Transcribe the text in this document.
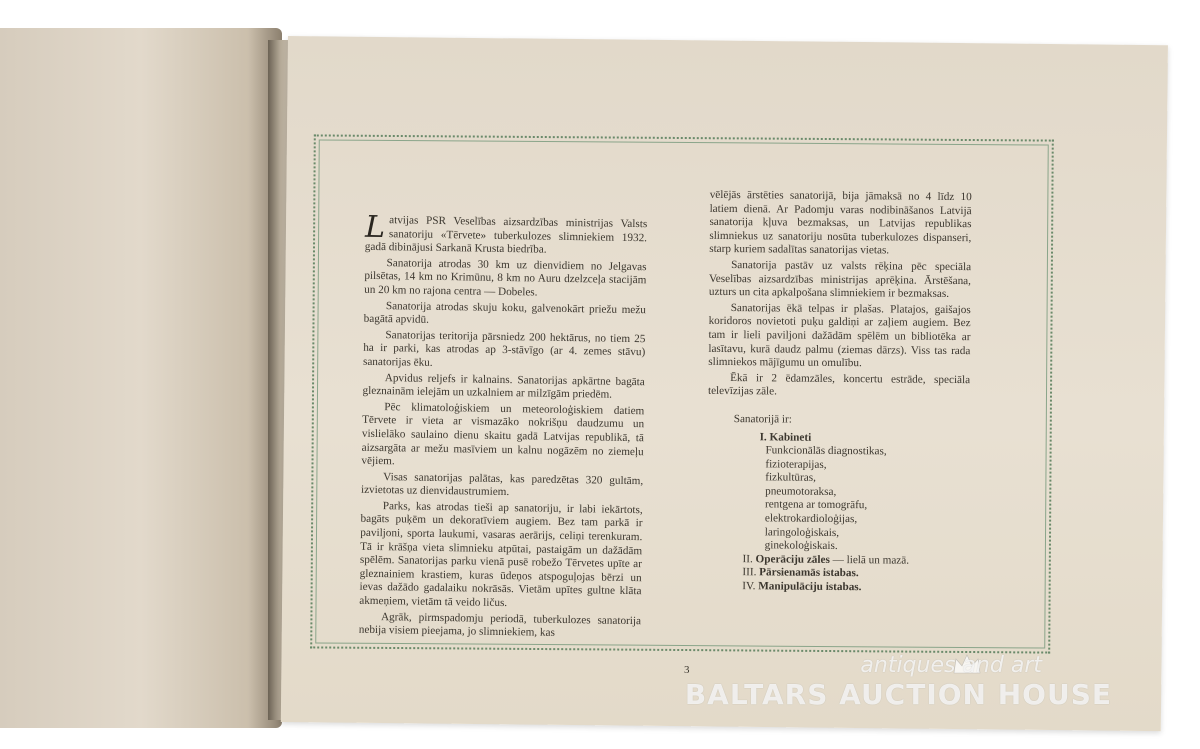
Latvijas PSR Veselības aizsardzības ministrijas Valsts sanatoriju «Tērvete» tuberkulozes slimniekiem 1932. gadā dibinājusi Sarkanā Krusta biedrība.

Sanatorija atrodas 30 km uz dienvidiem no Jelgavas pilsētas, 14 km no Krimūnu, 8 km no Auru dzelzceļa stacijām un 20 km no rajona centra — Dobeles.

Sanatorija atrodas skuju koku, galvenokārt priežu mežu bagātā apvidū.

Sanatorijas teritorija pārsniedz 200 hektārus, no tiem 25 ha ir parki, kas atrodas ap 3-stāvīgo (ar 4. zemes stāvu) sanatorijas ēku.

Apvidus reljefs ir kalnains. Sanatorijas apkārtne bagāta gleznainām ielejām un uzkalniem ar milzīgām priedēm.

Pēc klimatoloģiskiem un meteoroloģiskiem datiem Tērvete ir vieta ar vismazāko nokrišņu daudzumu un vislielāko saulaino dienu skaitu gadā Latvijas republikā, tā aizsargāta ar mežu masīviem un kalnu nogāzēm no ziemeļu vējiem.

Visas sanatorijas palātas, kas paredzētas 320 gultām, izvietotas uz dienvidaustrumiem.

Parks, kas atrodas tieši ap sanatoriju, ir labi iekārtots, bagāts puķēm un dekoratīviem augiem. Bez tam parkā ir paviljoni, sporta laukumi, vasaras aerārijs, celiņi terenkuram. Tā ir krāšņa vieta slimnieku atpūtai, pastaigām un dažādām spēlēm. Sanatorijas parku vienā pusē robežo Tērvetes upīte ar gleznainiem krastiem, kuras ūdeņos atspoguļojas bērzi un ievas dažādo gadalaiku nokrāsās. Vietām upītes gultne klāta akmeņiem, vietām tā veido ličus.

Agrāk, pirmspadomju periodā, tuberkulozes sanatorija nebija visiem pieejama, jo slimniekiem, kas

vēlējās ārstēties sanatorijā, bija jāmaksā no 4 līdz 10 latiem dienā. Ar Padomju varas nodibināšanos Latvijā sanatorija kļuva bezmaksas, un Latvijas republikas slimniekus uz sanatoriju nosūta tuberkulozes dispanseri, starp kuriem sadalītas sanatorijas vietas.

Sanatorija pastāv uz valsts rēķina pēc speciāla Veselības aizsardzības ministrijas aprēķina. Ārstēšana, uzturs un cita apkalpošana slimniekiem ir bezmaksas.

Sanatorijas ēkā telpas ir plašas. Platajos, gaišajos koridoros novietoti puķu galdiņi ar zaļiem augiem. Bez tam ir lieli paviljoni dažādām spēlēm un bibliotēka ar lasītavu, kurā daudz palmu (ziemas dārzs). Viss tas rada slimniekos mājīgumu un omulību.

Ēkā ir 2 ēdamzāles, koncertu estrāde, speciāla televīzijas zāle.

Sanatorijā ir:
I. Kabineti
Funkcionālās diagnostikas,
fizioterapijas,
fizkultūras,
pneumotoraksa,
rentgena ar tomogrāfu,
elektrokardioloģijas,
laringoloģiskais,
ginekoloģiskais.
II. Operāciju zāles — lielā un mazā.
III. Pārsienamās istabas.
IV. Manipulāciju istabas.
3	antiques and art
BALTARS AUCTION HOUSE
